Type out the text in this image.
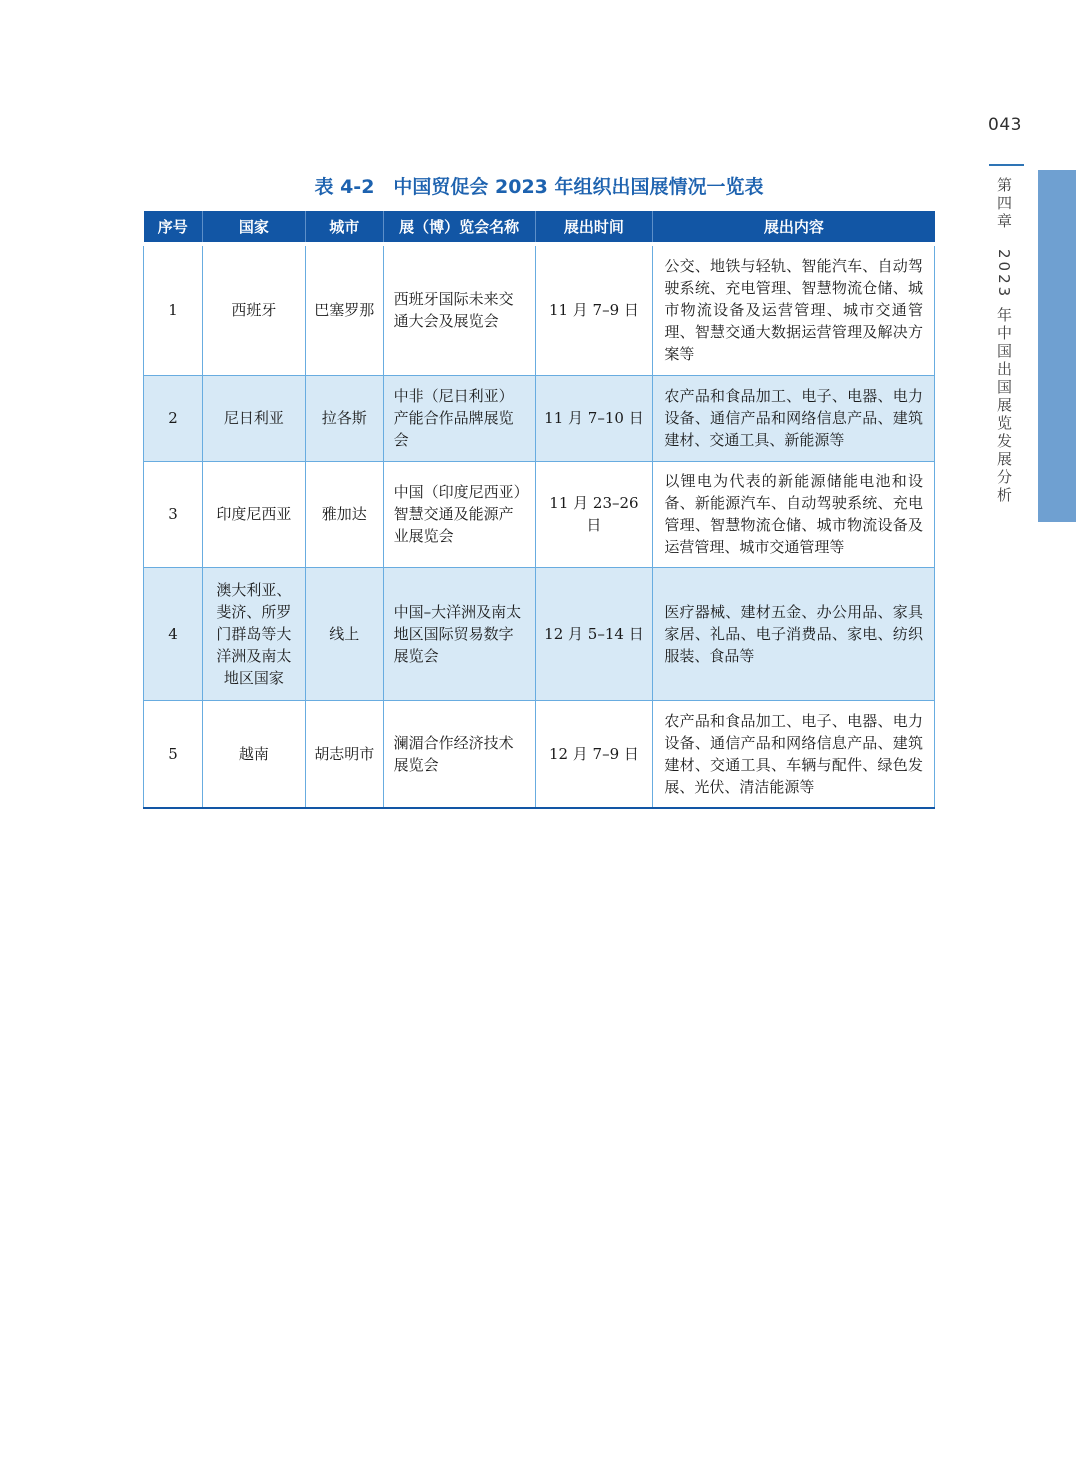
043
第四章　2023 年中国出国展览发展分析
表 4-2　中国贸促会 2023 年组织出国展情况一览表
序号	国家	城市	展（博）览会名称	展出时间	展出内容
1	西班牙	巴塞罗那	西班牙国际未来交通大会及展览会	11 月 7–9 日	公交、地铁与轻轨、智能汽车、自动驾驶系统、充电管理、智慧物流仓储、城市物流设备及运营管理、城市交通管理、智慧交通大数据运营管理及解决方案等
2	尼日利亚	拉各斯	中非（尼日利亚）产能合作品牌展览会	11 月 7–10 日	农产品和食品加工、电子、电器、电力设备、通信产品和网络信息产品、建筑建材、交通工具、新能源等
3	印度尼西亚	雅加达	中国（印度尼西亚）智慧交通及能源产业展览会	11 月 23–26 日	以锂电为代表的新能源储能电池和设备、新能源汽车、自动驾驶系统、充电管理、智慧物流仓储、城市物流设备及运营管理、城市交通管理等
4	澳大利亚、斐济、所罗门群岛等大洋洲及南太地区国家	线上	中国–大洋洲及南太地区国际贸易数字展览会	12 月 5–14 日	医疗器械、建材五金、办公用品、家具家居、礼品、电子消费品、家电、纺织服装、食品等
5	越南	胡志明市	澜湄合作经济技术展览会	12 月 7–9 日	农产品和食品加工、电子、电器、电力设备、通信产品和网络信息产品、建筑建材、交通工具、车辆与配件、绿色发展、光伏、清洁能源等
